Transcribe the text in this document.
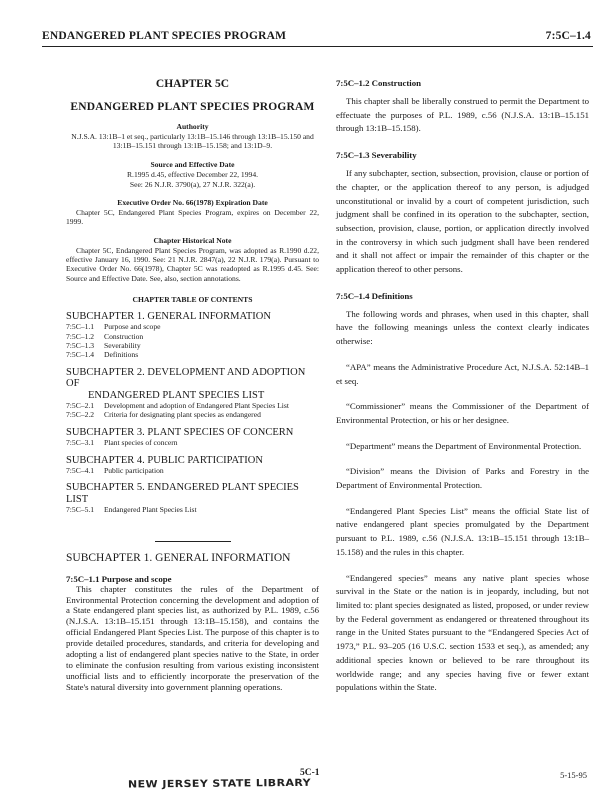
ENDANGERED PLANT SPECIES PROGRAM	7:5C–1.4
CHAPTER 5C
ENDANGERED PLANT SPECIES PROGRAM
Authority
N.J.S.A. 13:1B–1 et seq., particularly 13:1B–15.146 through 13:1B–15.150 and 13:1B–15.151 through 13:1B–15.158; and 13:1D–9.
Source and Effective Date
R.1995 d.45, effective December 22, 1994.
See: 26 N.J.R. 3790(a), 27 N.J.R. 322(a).
Executive Order No. 66(1978) Expiration Date
Chapter 5C, Endangered Plant Species Program, expires on December 22, 1999.
Chapter Historical Note
Chapter 5C, Endangered Plant Species Program, was adopted as R.1990 d.22, effective January 16, 1990. See: 21 N.J.R. 2847(a), 22 N.J.R. 179(a). Pursuant to Executive Order No. 66(1978), Chapter 5C was readopted as R.1995 d.45. See: Source and Effective Date. See, also, section annotations.
CHAPTER TABLE OF CONTENTS
SUBCHAPTER 1. GENERAL INFORMATION
7:5C–1.1	Purpose and scope
7:5C–1.2	Construction
7:5C–1.3	Severability
7:5C–1.4	Definitions
SUBCHAPTER 2. DEVELOPMENT AND ADOPTION OF
ENDANGERED PLANT SPECIES LIST
7:5C–2.1	Development and adoption of Endangered Plant Species List
7:5C–2.2	Criteria for designating plant species as endangered
SUBCHAPTER 3. PLANT SPECIES OF CONCERN
7:5C–3.1	Plant species of concern
SUBCHAPTER 4. PUBLIC PARTICIPATION
7:5C–4.1	Public participation
SUBCHAPTER 5. ENDANGERED PLANT SPECIES LIST
7:5C–5.1	Endangered Plant Species List
SUBCHAPTER 1. GENERAL INFORMATION
7:5C–1.1 Purpose and scope
This chapter constitutes the rules of the Department of Environmental Protection concerning the development and adoption of a State endangered plant species list, as authorized by P.L. 1989, c.56 (N.J.S.A. 13:1B–15.151 through 13:1B–15.158), and contains the official Endangered Plant Species List. The purpose of this chapter is to provide detailed procedures, standards, and criteria for developing and adopting a list of endangered plant species native to the State, in order to eliminate the confusion resulting from various existing inconsistent unofficial lists and to efficiently incorporate the preservation of the State's natural diversity into government planning operations.
7:5C–1.2 Construction
This chapter shall be liberally construed to permit the Department to effectuate the purposes of P.L. 1989, c.56 (N.J.S.A. 13:1B–15.151 through 13:1B–15.158).
7:5C–1.3 Severability
If any subchapter, section, subsection, provision, clause or portion of the chapter, or the application thereof to any person, is adjudged unconstitutional or invalid by a court of competent jurisdiction, such judgment shall be confined in its operation to the subchapter, section, subsection, provision, clause, portion, or application directly involved in the controversy in which such judgment shall have been rendered and it shall not affect or impair the remainder of this chapter or the application thereof to other persons.
7:5C–1.4 Definitions
The following words and phrases, when used in this chapter, shall have the following meanings unless the context clearly indicates otherwise:
“APA” means the Administrative Procedure Act, N.J.S.A. 52:14B–1 et seq.
“Commissioner” means the Commissioner of the Department of Environmental Protection, or his or her designee.
“Department” means the Department of Environmental Protection.
“Division” means the Division of Parks and Forestry in the Department of Environmental Protection.
“Endangered Plant Species List” means the official State list of native endangered plant species promulgated by the Department pursuant to P.L. 1989, c.56 (N.J.S.A. 13:1B–15.151 through 13:1B–15.158) and the rules in this chapter.
“Endangered species” means any native plant species whose survival in the State or the nation is in jeopardy, including, but not limited to: plant species designated as listed, proposed, or under review by the Federal government as endangered or threatened throughout its range in the United States pursuant to the “Endangered Species Act of 1973,” P.L. 93–205 (16 U.S.C. section 1533 et seq.), as amended; any additional species known or believed to be rare throughout its worldwide range; and any species having five or fewer extant populations within the State.
5C-1	5-15-95
NEW JERSEY STATE LIBRARY
